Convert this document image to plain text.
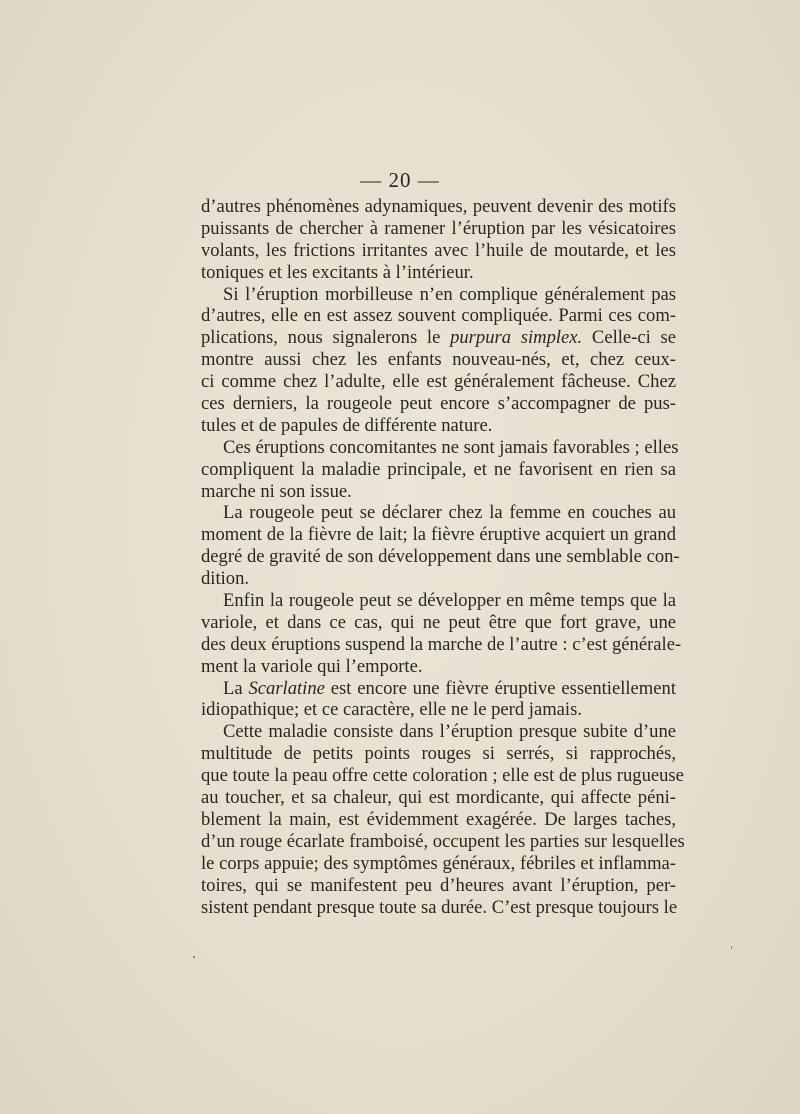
— 20 —
d’autres phénomènes adynamiques, peuvent devenir des motifs
puissants de chercher à ramener l’éruption par les vésicatoires
volants, les frictions irritantes avec l’huile de moutarde, et les
toniques et les excitants à l’intérieur.
Si l’éruption morbilleuse n’en complique généralement pas
d’autres, elle en est assez souvent compliquée. Parmi ces com-
plications, nous signalerons le purpura simplex. Celle-ci se
montre aussi chez les enfants nouveau-nés, et, chez ceux-
ci comme chez l’adulte, elle est généralement fâcheuse. Chez
ces derniers, la rougeole peut encore s’accompagner de pus-
tules et de papules de différente nature.
Ces éruptions concomitantes ne sont jamais favorables ; elles
compliquent la maladie principale, et ne favorisent en rien sa
marche ni son issue.
La rougeole peut se déclarer chez la femme en couches au
moment de la fièvre de lait; la fièvre éruptive acquiert un grand
degré de gravité de son développement dans une semblable con-
dition.
Enfin la rougeole peut se développer en même temps que la
variole, et dans ce cas, qui ne peut être que fort grave, une
des deux éruptions suspend la marche de l’autre : c’est générale-
ment la variole qui l’emporte.
La Scarlatine est encore une fièvre éruptive essentiellement
idiopathique; et ce caractère, elle ne le perd jamais.
Cette maladie consiste dans l’éruption presque subite d’une
multitude de petits points rouges si serrés, si rapprochés,
que toute la peau offre cette coloration ; elle est de plus rugueuse
au toucher, et sa chaleur, qui est mordicante, qui affecte péni-
blement la main, est évidemment exagérée. De larges taches,
d’un rouge écarlate framboisé, occupent les parties sur lesquelles
le corps appuie; des symptômes généraux, fébriles et inflamma-
toires, qui se manifestent peu d’heures avant l’éruption, per-
sistent pendant presque toute sa durée. C’est presque toujours le
